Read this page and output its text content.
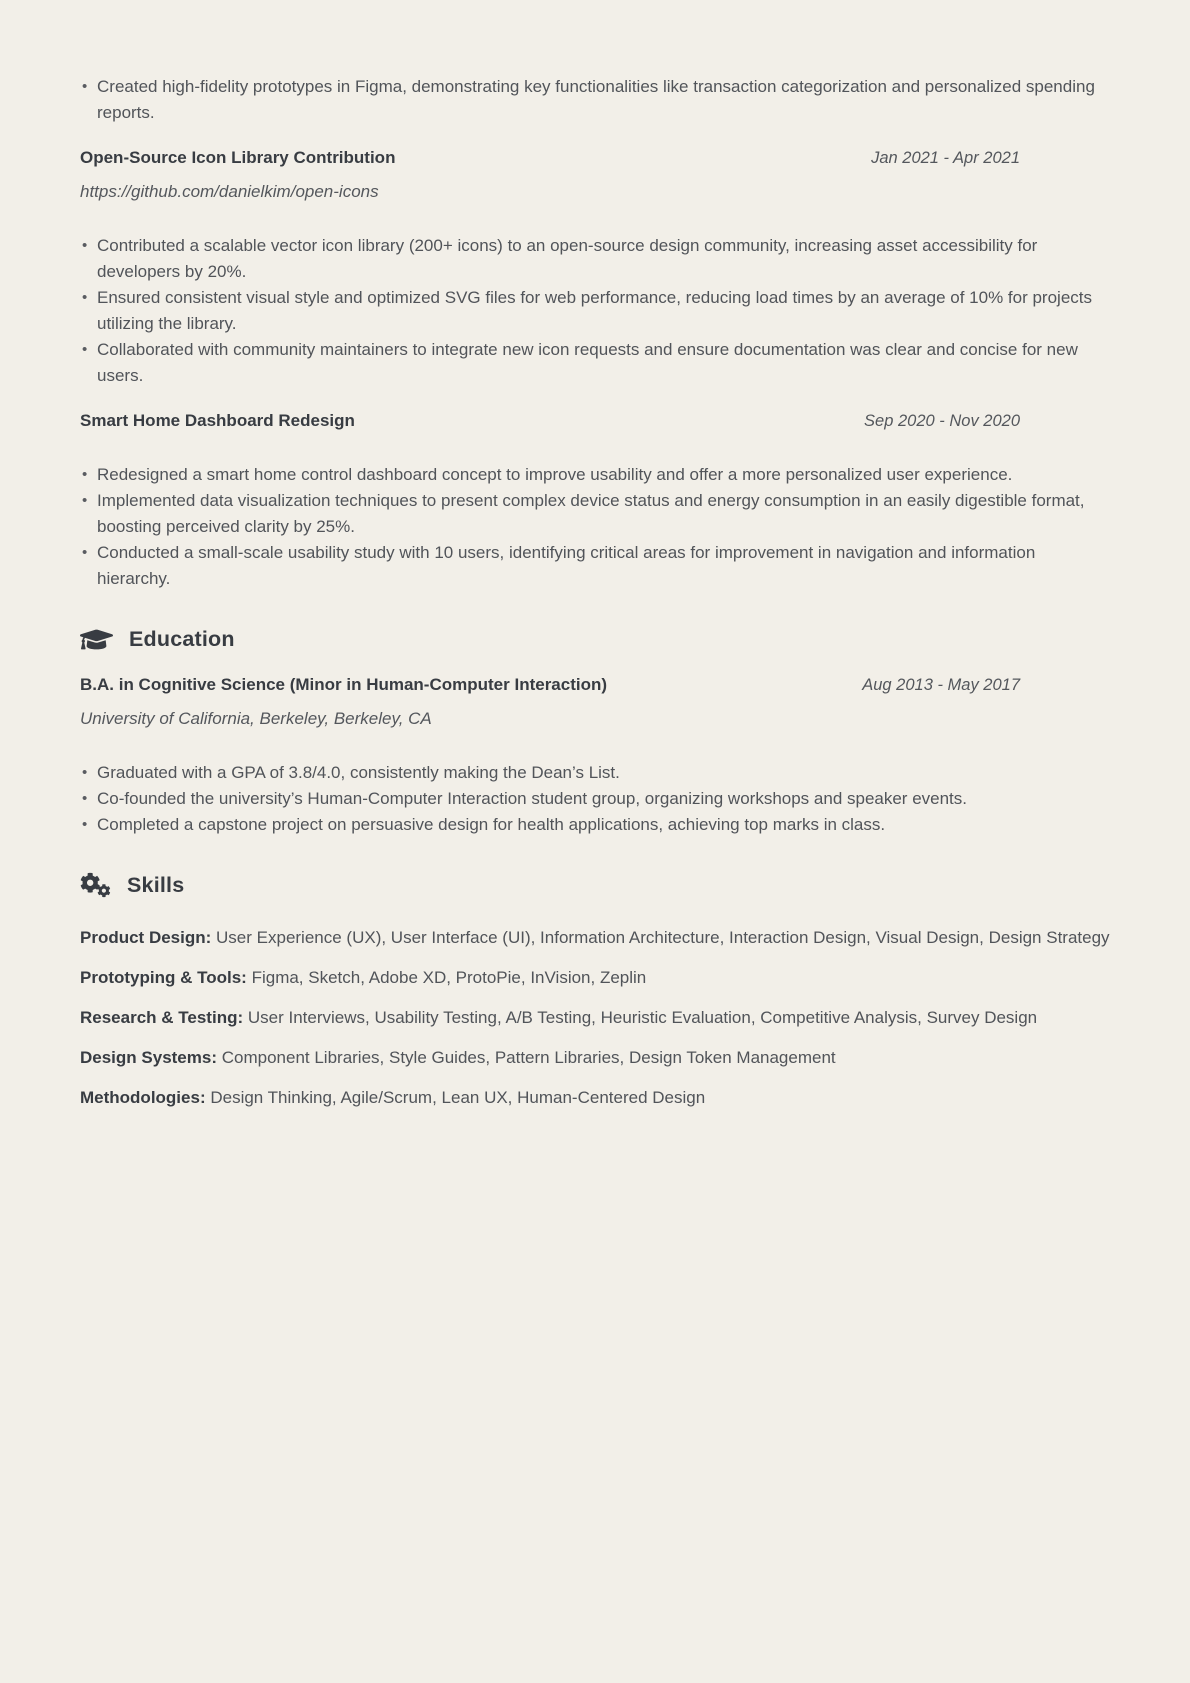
• Created high-fidelity prototypes in Figma, demonstrating key functionalities like transaction categorization and personalized spending reports.
Open-Source Icon Library Contribution	Jan 2021 - Apr 2021

https://github.com/danielkim/open-icons

• Contributed a scalable vector icon library (200+ icons) to an open-source design community, increasing asset accessibility for developers by 20%.
• Ensured consistent visual style and optimized SVG files for web performance, reducing load times by an average of 10% for projects utilizing the library.
• Collaborated with community maintainers to integrate new icon requests and ensure documentation was clear and concise for new users.
Smart Home Dashboard Redesign	Sep 2020 - Nov 2020
• Redesigned a smart home control dashboard concept to improve usability and offer a more personalized user experience.
• Implemented data visualization techniques to present complex device status and energy consumption in an easily digestible format, boosting perceived clarity by 25%.
• Conducted a small-scale usability study with 10 users, identifying critical areas for improvement in navigation and information hierarchy.
Education
B.A. in Cognitive Science (Minor in Human-Computer Interaction)	Aug 2013 - May 2017

University of California, Berkeley, Berkeley, CA

• Graduated with a GPA of 3.8/4.0, consistently making the Dean’s List.
• Co-founded the university’s Human-Computer Interaction student group, organizing workshops and speaker events.
• Completed a capstone project on persuasive design for health applications, achieving top marks in class.
Skills

Product Design: User Experience (UX), User Interface (UI), Information Architecture, Interaction Design, Visual Design, Design Strategy

Prototyping & Tools: Figma, Sketch, Adobe XD, ProtoPie, InVision, Zeplin

Research & Testing: User Interviews, Usability Testing, A/B Testing, Heuristic Evaluation, Competitive Analysis, Survey Design

Design Systems: Component Libraries, Style Guides, Pattern Libraries, Design Token Management

Methodologies: Design Thinking, Agile/Scrum, Lean UX, Human-Centered Design
